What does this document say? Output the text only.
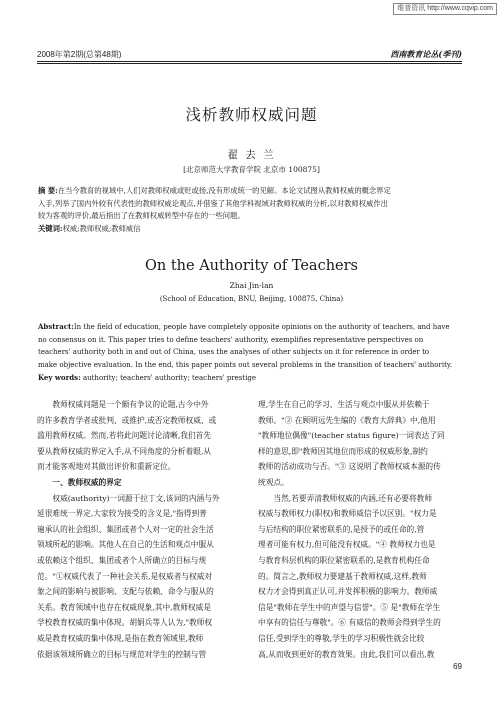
维普资讯 http://www.cqvip.com
2008年第2期(总第48期)	西南教育论丛(季刊)
浅析教师权威问题
翟 去 兰
[北京师范大学教育学院 北京市 100875]
摘 要:在当今教育的视域中,人们对教师权威或贬或扬,没有形成统一的见解。本论文试图从教师权威的概念界定
入手,列举了国内外较有代表性的教师权威论观点,并借鉴了其他学科视域对教师权威的分析,以对教师权威作出
较为客观的评价,最后指出了在教师权威转型中存在的一些问题。
关键词:权威;教师权威;教师威信
On the Authority of Teachers
Zhai Jin-lan
(School of Education, BNU, Beijing, 100875, China)
Abstract:In the field of education, people have completely opposite opinions on the authority of teachers, and have
no consensus on it. This paper tries to define teachers' authority, exemplifies representative perspectives on
teachers' authority both in and out of China, uses the analyses of other subjects on it for reference in order to
make objective evaluation. In the end, this paper points out several problems in the transition of teachers' authority.
Key words: authority; teachers' authority; teachers' prestige

教师权威问题是一个颇有争议的论题,古今中外

的许多教育学者或批判、或推护,或否定教师权威、或

滥用教师权威。然而,若将此问题讨论清晰,我们首先

要从教师权威的界定入手,从不同角度的分析着眼,从

而才能客观地对其做出评价和重新定位。

一、教师权威的界定

权威(authority)一词源于拉丁文,该词的内涵与外

延很难统一界定,大家较为接受的含义是,"指得到普

遍承认的社会组织、集团或者个人对一定的社会生活

领域所起的影响。其他人在自己的生活和观点中服从

或依赖这个组织、集团或者个人所确立的目标与规

范。"①权威代表了一种社会关系,是权威者与权威对

象之间的影响与被影响、支配与依赖、命令与服从的

关系。教育领域中也存在权威现象,其中,教师权威是

学校教育权威的集中体现。胡娟兵等人认为,"教师权

威是教育权威的集中体现,是指在教育领域里,教师

依据该领域所确立的目标与规范对学生的控制与管

理,学生在自己的学习、生活与观点中服从并依赖于

教师。"② 在顾明远先生编的《教育大辞典》中,他用

"教师地位偶像"(teacher status figure)一词表达了同

样的意思,即"教师因其地位而形成的权威形象,制约

教师的活动成功与否。"③ 这说明了教师权威本源的传

统观点。

当然,若要弄清教师权威的内涵,还有必要将教师

权威与教师权力(职权)和教师威信予以区别。"权力是

与后结构的职位紧密联系的,是授予的或任命的,管

理者可能有权力,但可能没有权威。"④ 教师权力也是

与教育科层机构的职位紧密联系的,是教育机构任命

的。简言之,教师权力要建基于教师权威,这样,教师

权力才会得到真正认可,并发挥积极的影响力。教师威

信是"教师在学生中的声望与信誉"。⑤ 是"教师在学生

中享有的信任与尊敬"。⑥ 有威信的教师会得到学生的

信任,受到学生的尊敬,学生的学习积极性就会比较

高,从而收到更好的教育效果。由此,我们可以看出,教

69
